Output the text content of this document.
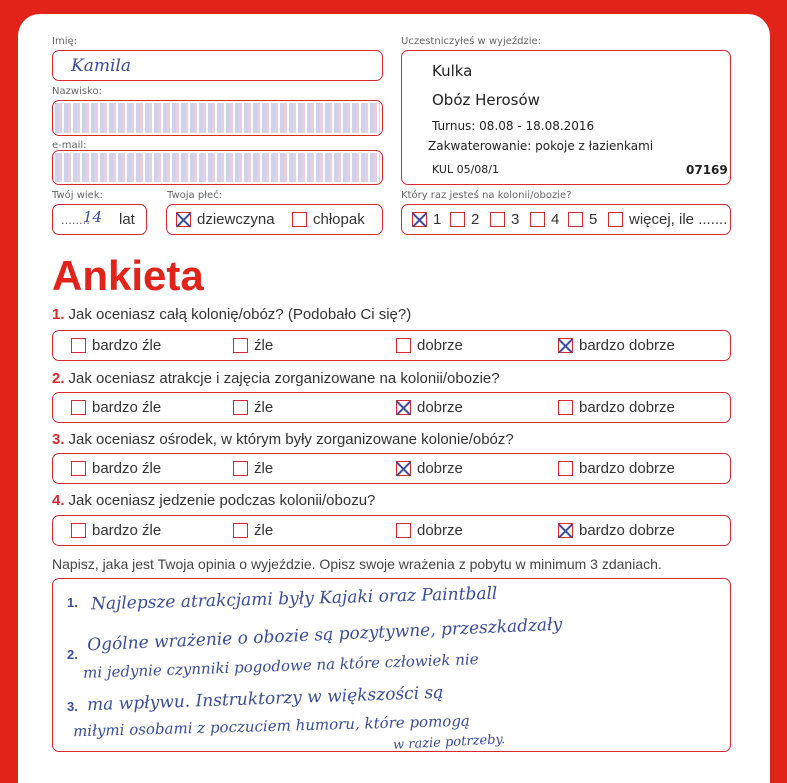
Imię:
Kamila
Nazwisko:
e-mail:
Twój wiek:
........
14 lat
Twoja płeć:
dziewczyna	chłopak
Uczestniczyłeś w wyjeździe:
Kulka
Obóz Herosów
Turnus: 08.08 - 18.08.2016
Zakwaterowanie: pokoje z łazienkami
KUL 05/08/1	07169
Który raz jesteś na kolonii/obozie?
1 2 3 4 5 więcej, ile .......
Ankieta
1. Jak oceniasz całą kolonię/obóz? (Podobało Ci się?)
bardzo źle	źle	dobrze	bardzo dobrze
2. Jak oceniasz atrakcje i zajęcia zorganizowane na kolonii/obozie?
bardzo źle	źle	dobrze	bardzo dobrze
3. Jak oceniasz ośrodek, w którym były zorganizowane kolonie/obóz?
bardzo źle	źle	dobrze	bardzo dobrze
4. Jak oceniasz jedzenie podczas kolonii/obozu?
bardzo źle	źle	dobrze	bardzo dobrze
Napisz, jaka jest Twoja opinia o wyjeździe. Opisz swoje wrażenia z pobytu w minimum 3 zdaniach.
1.
2.
3.
Najlepsze atrakcjami były Kajaki oraz Paintball
Ogólne wrażenie o obozie są pozytywne, przeszkadzały
mi jedynie czynniki pogodowe na które człowiek nie
ma wpływu. Instruktorzy w większości są
miłymi osobami z poczuciem humoru, które pomogą
w razie potrzeby.
